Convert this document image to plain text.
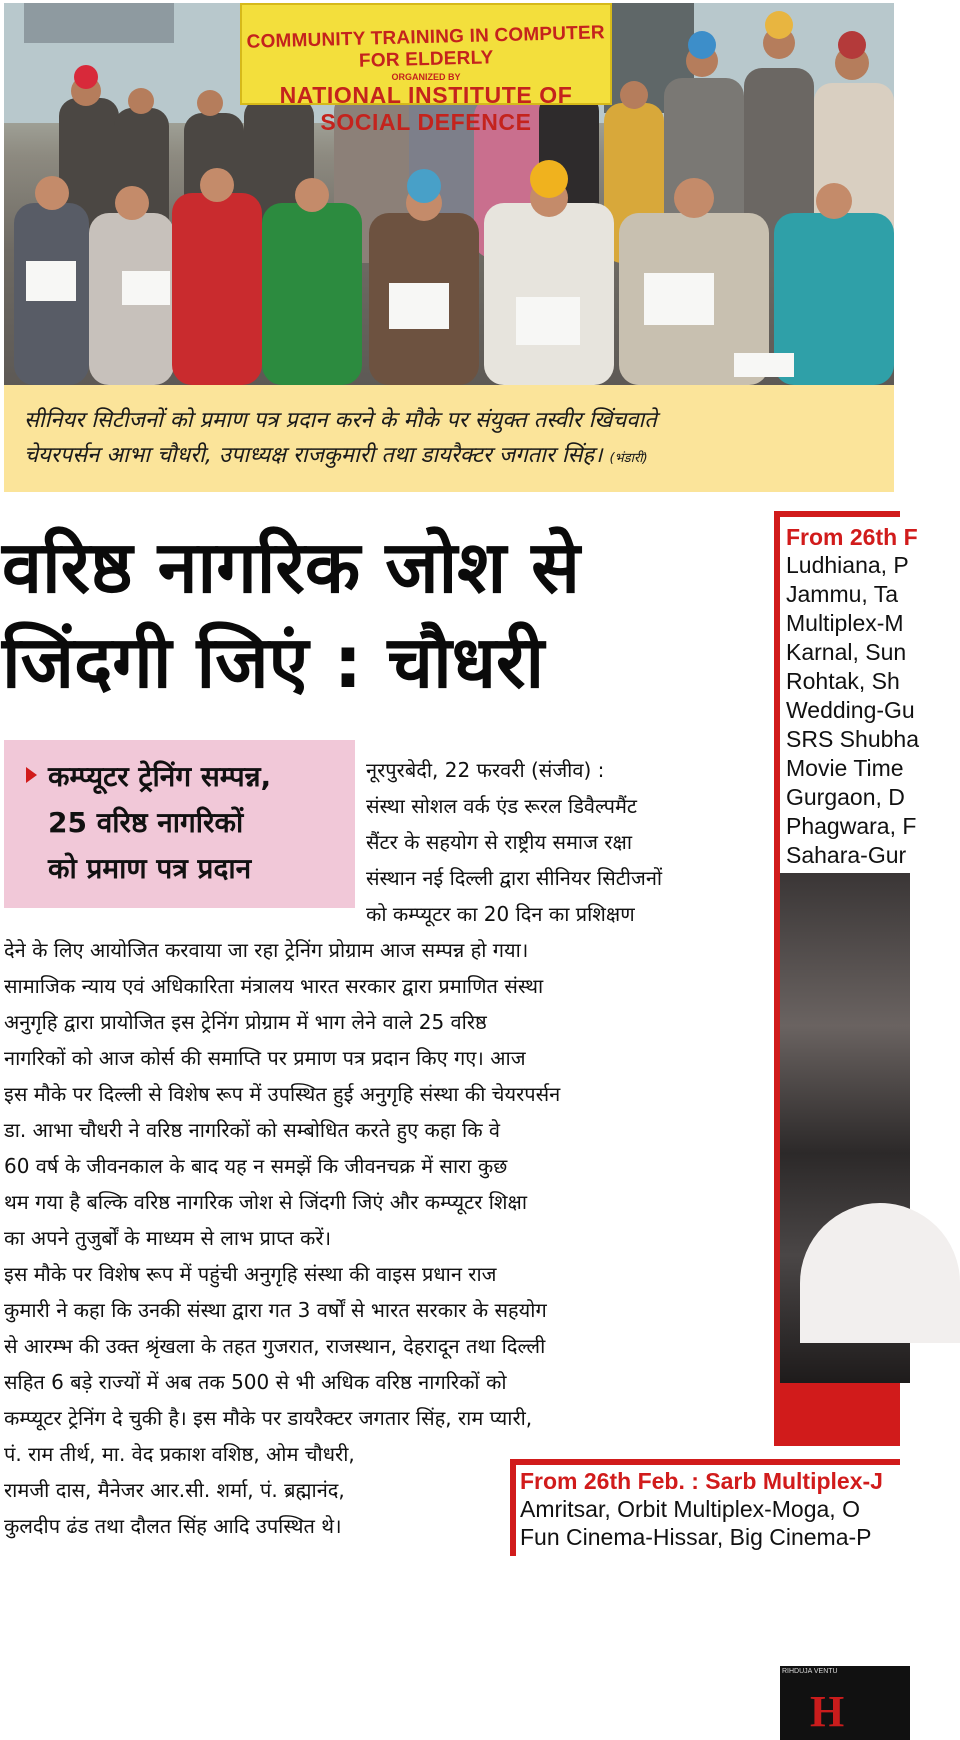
COMMUNITY TRAINING IN COMPUTER FOR ELDERLY
ORGANIZED BY
NATIONAL INSTITUTE OF SOCIAL DEFENCE
सीनियर सिटीजनों को प्रमाण पत्र प्रदान करने के मौके पर संयुक्त तस्वीर खिंचवाते
चेयरपर्सन आभा चौधरी, उपाध्यक्ष राजकुमारी तथा डायरैक्टर जगतार सिंह। (भंडारी)
वरिष्ठ नागरिक जोश से
जिंदगी जिएं : चौधरी
कम्प्यूटर ट्रेनिंग सम्पन्न,
25 वरिष्ठ नागरिकों
को प्रमाण पत्र प्रदान
नूरपुरबेदी, 22 फरवरी (संजीव) :
संस्था सोशल वर्क एंड रूरल डिवैल्पमैंट
सैंटर के सहयोग से राष्ट्रीय समाज रक्षा
संस्थान नई दिल्ली द्वारा सीनियर सिटीजनों
को कम्प्यूटर का 20 दिन का प्रशिक्षण
देने के लिए आयोजित करवाया जा रहा ट्रेनिंग प्रोग्राम आज सम्पन्न हो गया।
सामाजिक न्याय एवं अधिकारिता मंत्रालय भारत सरकार द्वारा प्रमाणित संस्था
अनुगृहि द्वारा प्रायोजित इस ट्रेनिंग प्रोग्राम में भाग लेने वाले 25 वरिष्ठ
नागरिकों को आज कोर्स की समाप्ति पर प्रमाण पत्र प्रदान किए गए। आज
इस मौके पर दिल्ली से विशेष रूप में उपस्थित हुई अनुगृहि संस्था की चेयरपर्सन
डा. आभा चौधरी ने वरिष्ठ नागरिकों को सम्बोधित करते हुए कहा कि वे
60 वर्ष के जीवनकाल के बाद यह न समझें कि जीवनचक्र में सारा कुछ
थम गया है बल्कि वरिष्ठ नागरिक जोश से जिंदगी जिएं और कम्प्यूटर शिक्षा
का अपने तुजुर्बों के माध्यम से लाभ प्राप्त करें।
इस मौके पर विशेष रूप में पहुंची अनुगृहि संस्था की वाइस प्रधान राज
कुमारी ने कहा कि उनकी संस्था द्वारा गत 3 वर्षों से भारत सरकार के सहयोग
से आरम्भ की उक्त श्रृंखला के तहत गुजरात, राजस्थान, देहरादून तथा दिल्ली
सहित 6 बड़े राज्यों में अब तक 500 से भी अधिक वरिष्ठ नागरिकों को
कम्प्यूटर ट्रेनिंग दे चुकी है। इस मौके पर डायरैक्टर जगतार सिंह, राम प्यारी,
पं. राम तीर्थ, मा. वेद प्रकाश वशिष्ठ, ओम चौधरी,
रामजी दास, मैनेजर आर.सी. शर्मा, पं. ब्रह्मानंद,
कुलदीप ढंड तथा दौलत सिंह आदि उपस्थित थे।
From 26th F
Ludhiana, P
Jammu, Ta
Multiplex-M
Karnal, Sun
Rohtak, Sh
Wedding-Gu
SRS Shubha
Movie Time
Gurgaon, D
Phagwara, F
Sahara-Gur
RIHDUJA VENTU
H
From 26th Feb. : Sarb Multiplex-J
Amritsar, Orbit Multiplex-Moga, O
Fun Cinema-Hissar, Big Cinema-P
